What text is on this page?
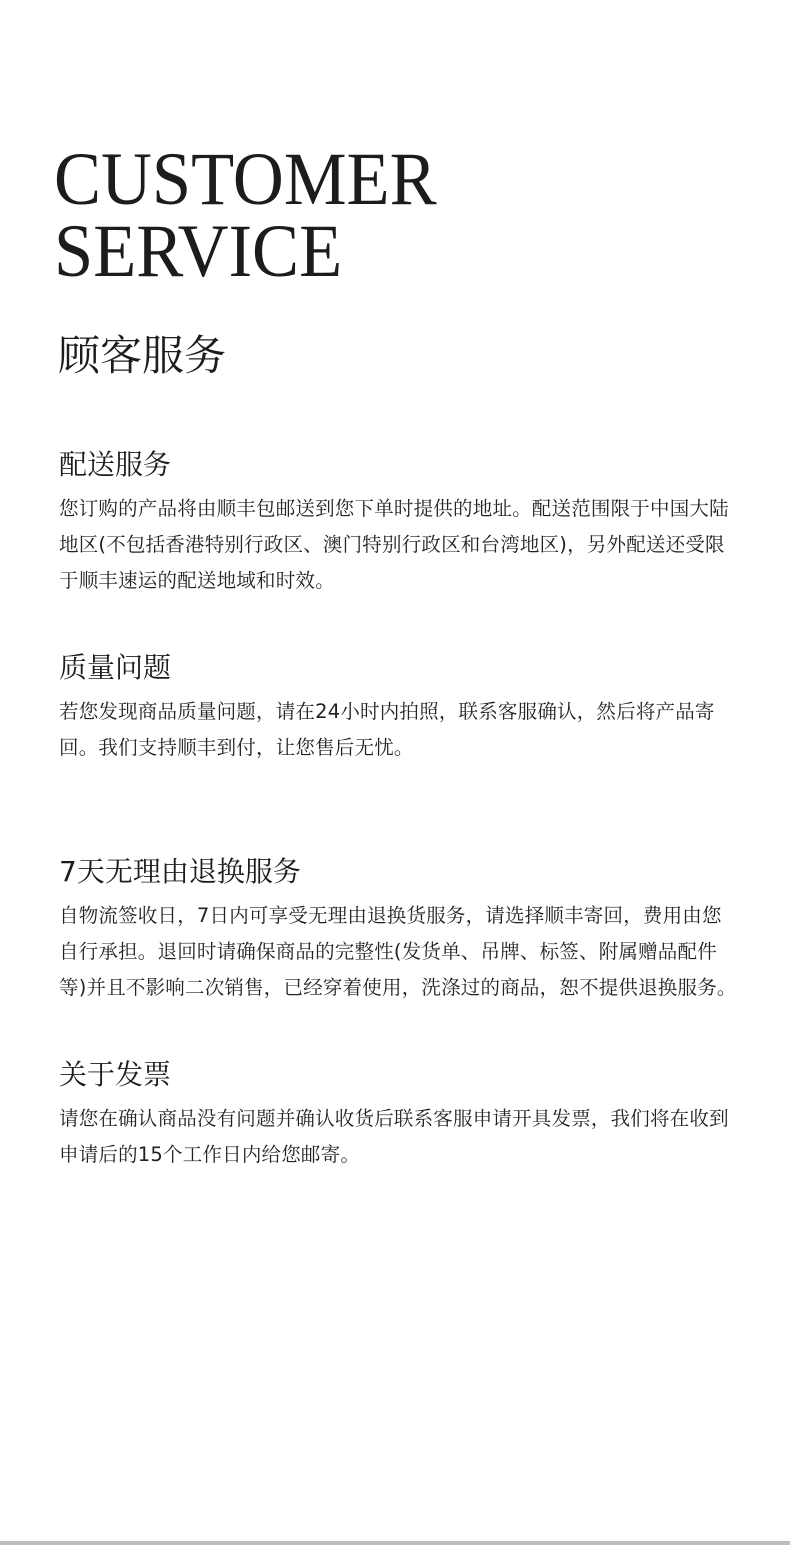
CUSTOMER
SERVICE
顾客服务
配送服务

您订购的产品将由顺丰包邮送到您下单时提供的地址。配送范围限于中国大陆地区(不包括香港特别行政区、澳门特别行政区和台湾地区)，另外配送还受限于顺丰速运的配送地域和时效。

质量问题

若您发现商品质量问题，请在24小时内拍照，联系客服确认，然后将产品寄回。我们支持顺丰到付，让您售后无忧。

7天无理由退换服务

自物流签收日，7日内可享受无理由退换货服务，请选择顺丰寄回，费用由您自行承担。退回时请确保商品的完整性(发货单、吊牌、标签、附属赠品配件等)并且不影响二次销售，已经穿着使用，洗涤过的商品，恕不提供退换服务。

关于发票

请您在确认商品没有问题并确认收货后联系客服申请开具发票，我们将在收到申请后的15个工作日内给您邮寄。
